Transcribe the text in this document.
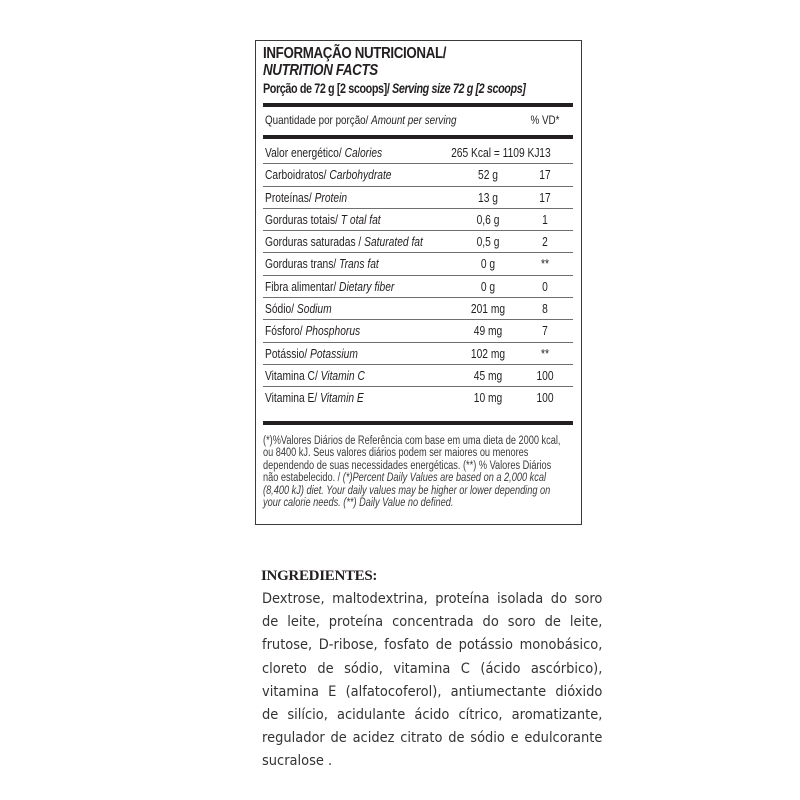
INFORMAÇÃO NUTRICIONAL/
NUTRITION FACTS
Porção de 72 g [2 scoops]/ Serving size 72 g [2 scoops]
Quantidade por porção/ Amount per serving	% VD*
Valor energético/ Calories	265 Kcal = 1109 KJ 13
Carboidratos/ Carbohydrate	52 g	17
Proteínas/ Protein	13 g	17
Gorduras totais/ T otal fat	0,6 g	1
Gorduras saturadas / Saturated fat	0,5 g	2
Gorduras trans/ Trans fat	0 g	**
Fibra alimentar/ Dietary fiber	0 g	0
Sódio/ Sodium	201 mg	8
Fósforo/ Phosphorus	49 mg	7
Potássio/ Potassium	102 mg	**
Vitamina C/ Vitamin C	45 mg	100
Vitamina E/ Vitamin E	10 mg	100
(*)%Valores Diários de Referência com base em uma dieta de 2000 kcal, ou 8400 kJ. Seus valores diários podem ser maiores ou menores dependendo de suas necessidades energéticas. (**) % Valores Diários não estabelecido. / (*)Percent Daily Values are based on a 2,000 kcal (8,400 kJ) diet. Your daily values may be higher or lower depending on your calorie needs. (**) Daily Value no defined.
INGREDIENTES:
Dextrose, maltodextrina, proteína isolada do soro de leite, proteína concentrada do soro de leite, frutose, D-ribose, fosfato de potássio monobásico, cloreto de sódio, vitamina C (ácido ascórbico), vitamina E (alfatocoferol), antiumectante dióxido de silício, acidulante ácido cítrico, aromatizante, regulador de acidez citrato de sódio e edulcorante sucralose .
